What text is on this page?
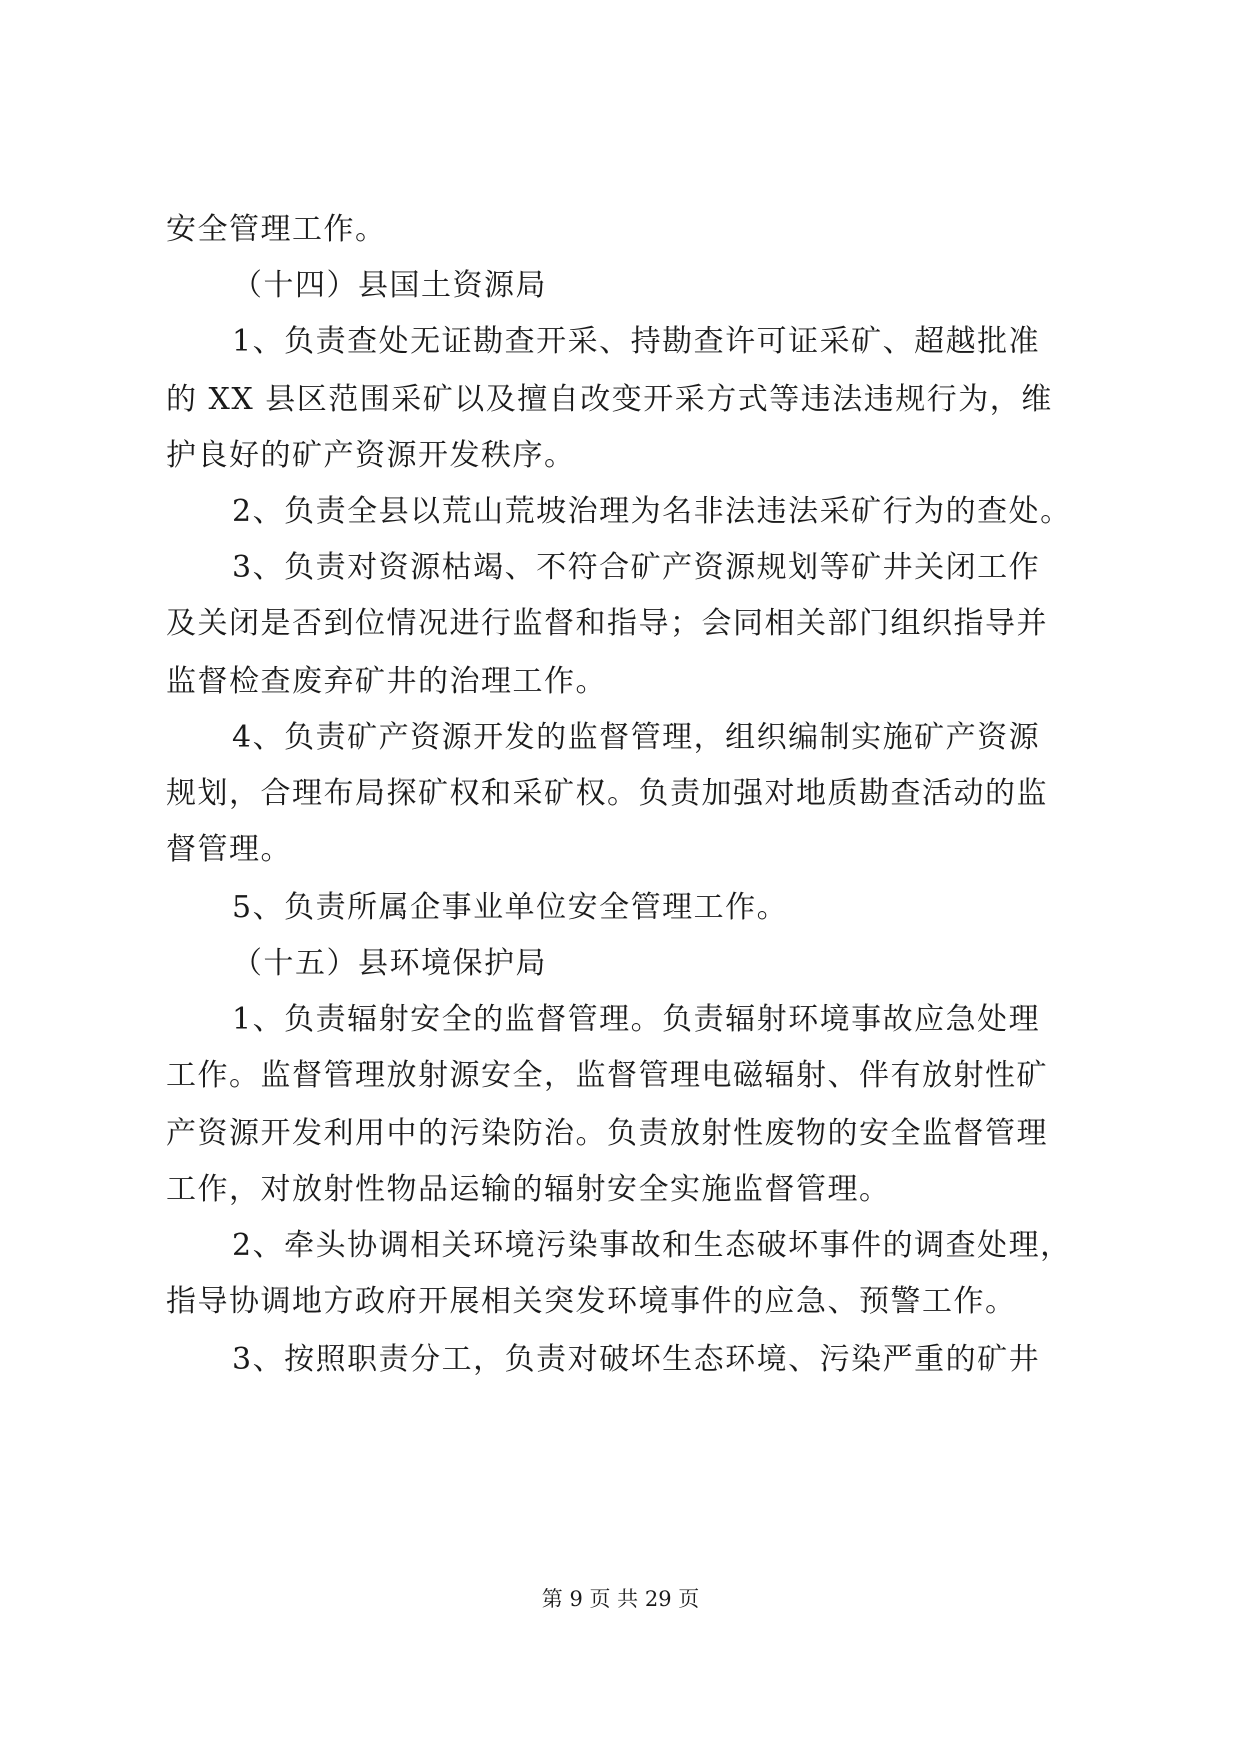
安全管理工作。
（十四）县国土资源局
1、负责查处无证勘查开采、持勘查许可证采矿、超越批准
的 XX 县区范围采矿以及擅自改变开采方式等违法违规行为，维
护良好的矿产资源开发秩序。
2、负责全县以荒山荒坡治理为名非法违法采矿行为的查处。
3、负责对资源枯竭、不符合矿产资源规划等矿井关闭工作
及关闭是否到位情况进行监督和指导；会同相关部门组织指导并
监督检查废弃矿井的治理工作。
4、负责矿产资源开发的监督管理，组织编制实施矿产资源
规划，合理布局探矿权和采矿权。负责加强对地质勘查活动的监
督管理。
5、负责所属企事业单位安全管理工作。
（十五）县环境保护局
1、负责辐射安全的监督管理。负责辐射环境事故应急处理
工作。监督管理放射源安全，监督管理电磁辐射、伴有放射性矿
产资源开发利用中的污染防治。负责放射性废物的安全监督管理
工作，对放射性物品运输的辐射安全实施监督管理。
2、牵头协调相关环境污染事故和生态破坏事件的调查处理，
指导协调地方政府开展相关突发环境事件的应急、预警工作。
3、按照职责分工，负责对破坏生态环境、污染严重的矿井
第 9 页 共 29 页
